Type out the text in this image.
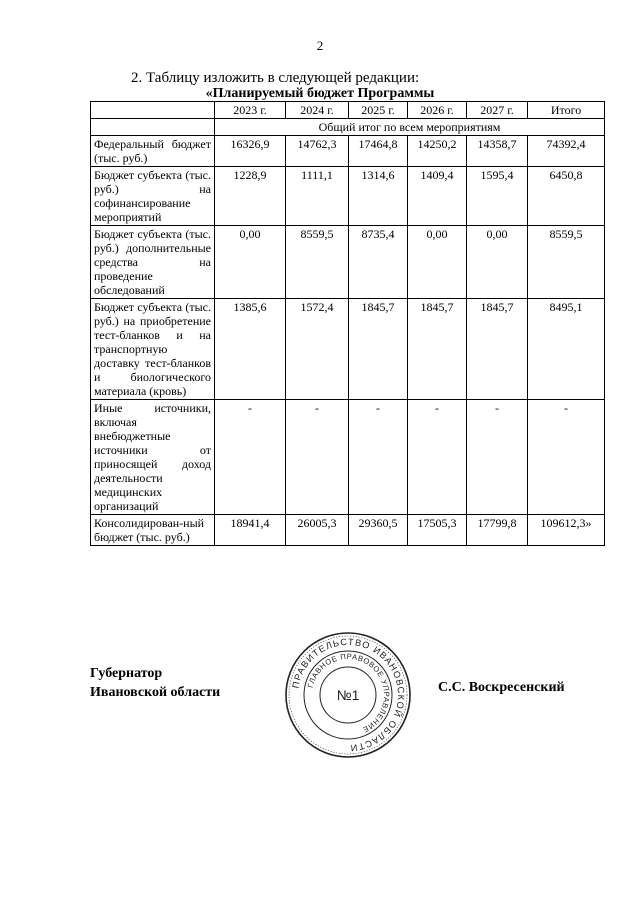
2
2. Таблицу изложить в следующей редакции:
«Планируемый бюджет Программы
	2023 г.	2024 г.	2025 г.	2026 г.	2027 г.	Итого
	Общий итог по всем мероприятиям					
Федеральный бюджет (тыс. руб.)	16326,9	14762,3	17464,8	14250,2	14358,7	74392,4
Бюджет субъекта (тыс. руб.) на софинансирование мероприятий	1228,9	1111,1	1314,6	1409,4	1595,4	6450,8
Бюджет субъекта (тыс. руб.) дополнительные средства на проведение обследований	0,00	8559,5	8735,4	0,00	0,00	8559,5
Бюджет субъекта (тыс. руб.) на приобретение тест-бланков и на транспортную доставку тест-бланков и биологического материала (кровь)	1385,6	1572,4	1845,7	1845,7	1845,7	8495,1
Иные источники, включая внебюджетные источники от приносящей доход деятельности медицинских организаций	-	-	-	-	-	-
Консолидирован-ный бюджет (тыс. руб.)	18941,4	26005,3	29360,5	17505,3	17799,8	109612,3»
Губернатор
Ивановской области
ПРАВИТЕЛЬСТВО ИВАНОВСКОЙ ОБЛАСТИ
ГЛАВНОЕ ПРАВОВОЕ УПРАВЛЕНИЕ
№1	С.С. Воскресенский
